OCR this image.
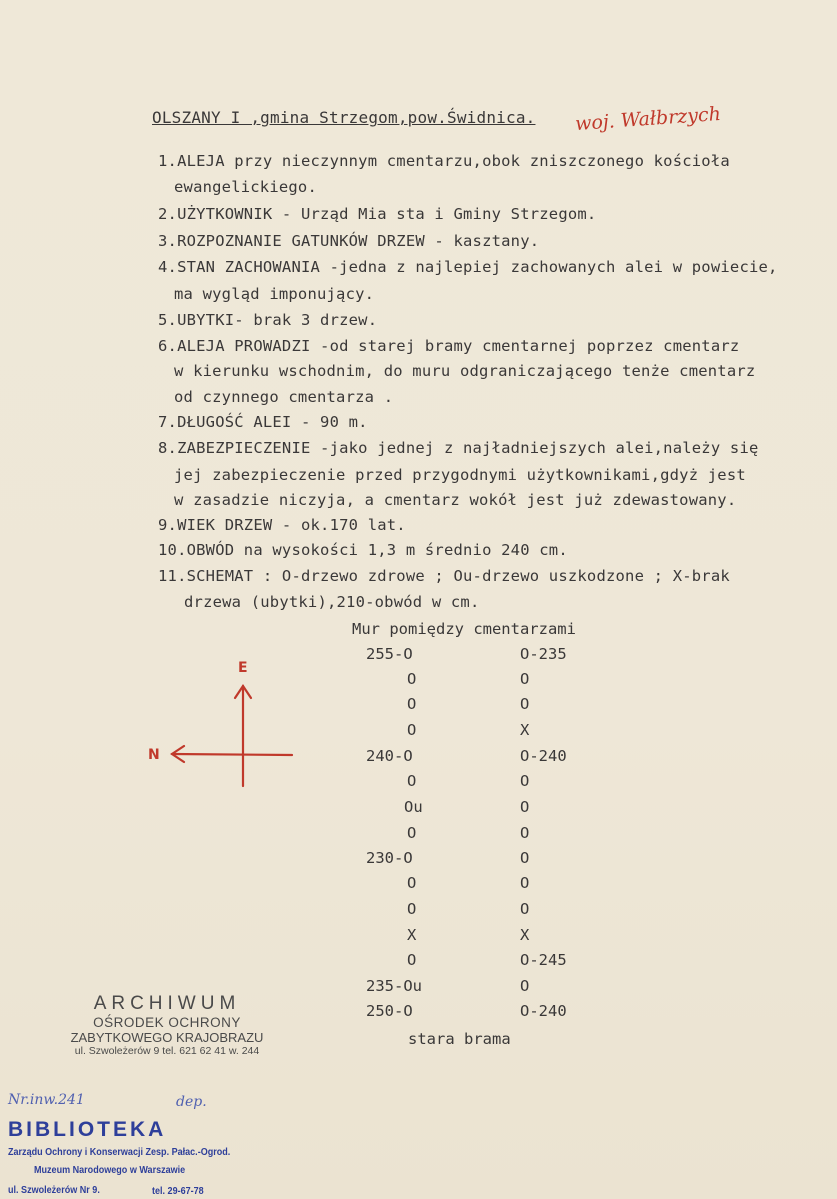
OLSZANY I ,gmina Strzegom,pow.Świdnica. woj. Wałbrzych
1.ALEJA przy nieczynnym cmentarzu,obok zniszczonego kościoła
ewangelickiego.
2.UŻYTKOWNIK - Urząd Mia sta i Gminy Strzegom.
3.ROZPOZNANIE GATUNKÓW DRZEW - kasztany.
4.STAN ZACHOWANIA -jedna z najlepiej zachowanych alei w powiecie,
ma wygląd imponujący.
5.UBYTKI- brak 3 drzew.
6.ALEJA PROWADZI -od starej bramy cmentarnej poprzez cmentarz
w kierunku wschodnim, do muru odgraniczającego tenże cmentarz
od czynnego cmentarza .
7.DŁUGOŚĆ ALEI - 90 m.
8.ZABEZPIECZENIE -jako jednej z najładniejszych alei,należy się
jej zabezpieczenie przed przygodnymi użytkownikami,gdyż jest
w zasadzie niczyja, a cmentarz wokół jest już zdewastowany.
9.WIEK DRZEW - ok.170 lat.
10.OBWÓD na wysokości 1,3 m średnio 240 cm.
11.SCHEMAT : O-drzewo zdrowe ; Ou-drzewo uszkodzone ; X-brak
drzewa (ubytki),210-obwód w cm.
Mur pomiędzy cmentarzami
255-O
O
O
O
240-O
O
Ou
O
230-O
O
O
X
O
235-Ou
250-O
O-235
O
O
X
O-240
O
O
O
O
O
O
X
O-245
O
O-240
stara brama
E
N
ARCHIWUM
OŚRODEK OCHRONY
ZABYTKOWEGO KRAJOBRAZU
ul. Szwoleżerów 9 tel. 621 62 41 w. 244
Nr.inw.241	dep.
BIBLIOTEKA
Zarządu Ochrony i Konserwacji Zesp. Pałac.-Ogrod.
Muzeum Narodowego w Warszawie
ul. Szwoleżerów Nr 9.	tel. 29-67-78
